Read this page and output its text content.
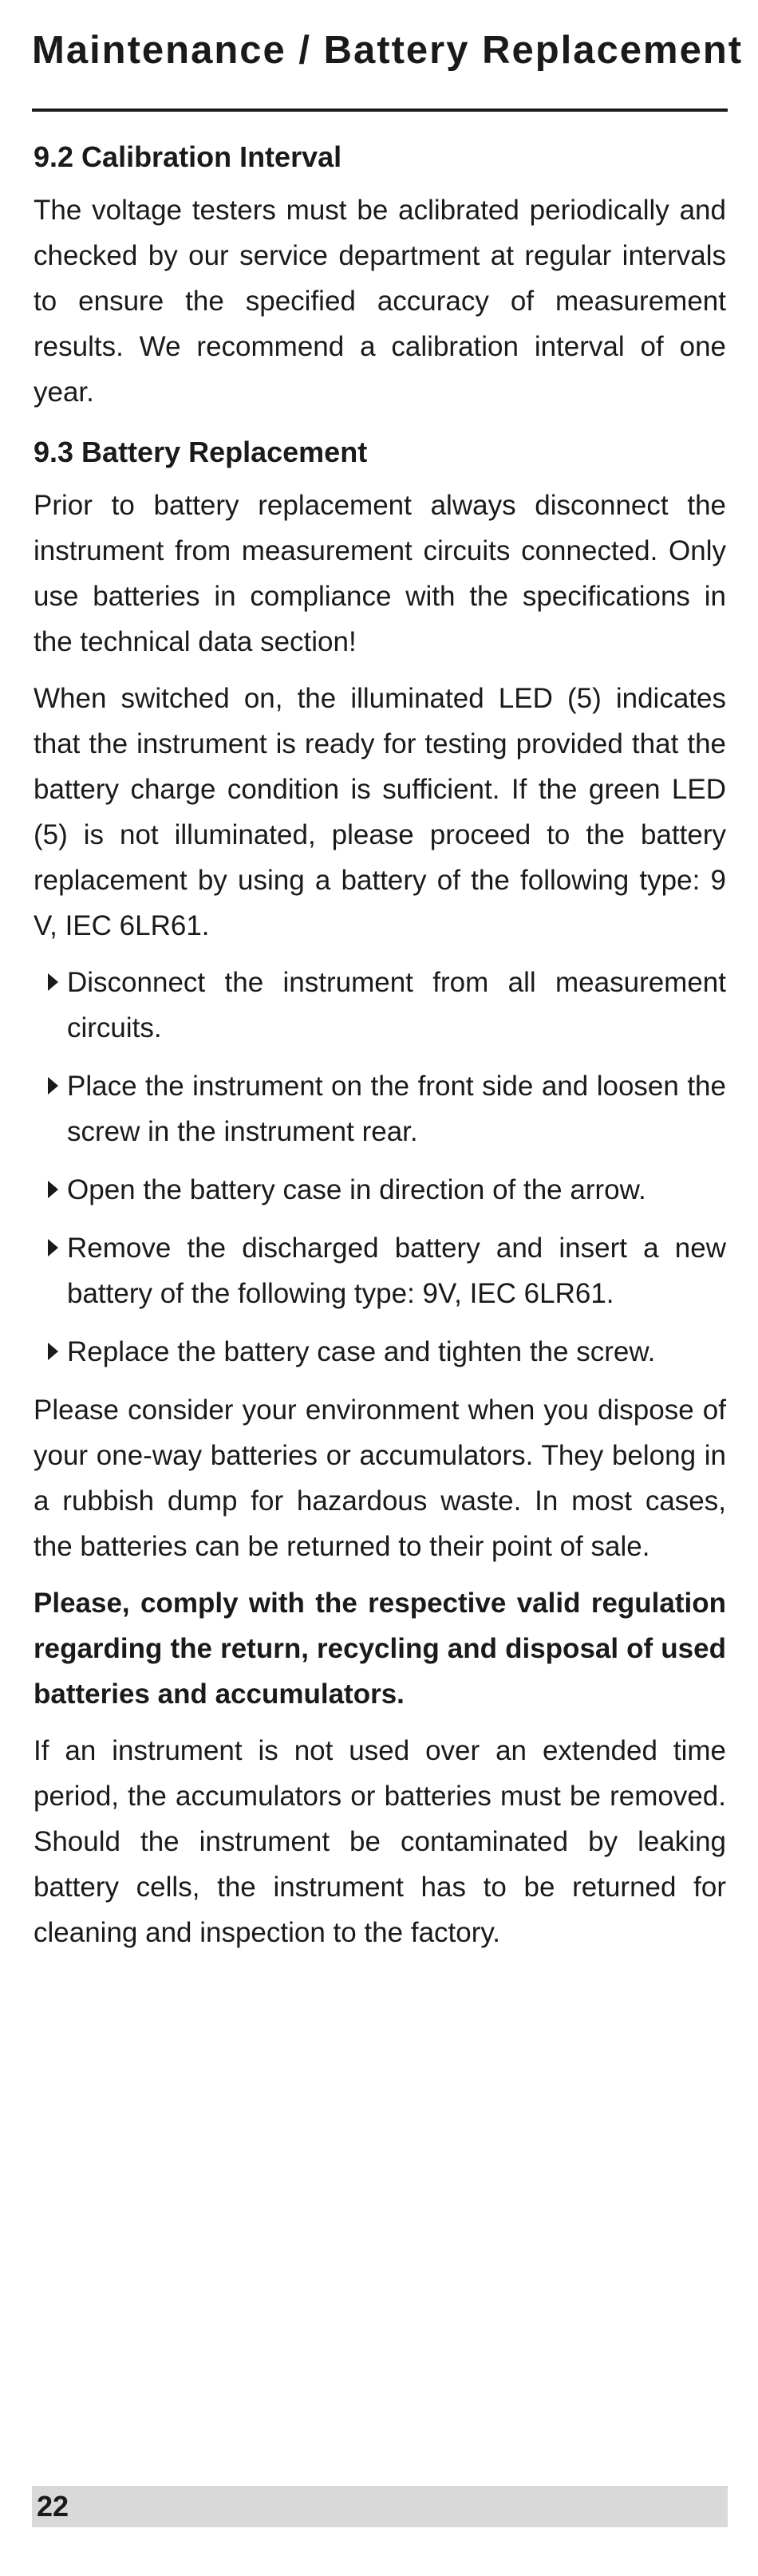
Maintenance / Battery Replacement
9.2 Calibration Interval

The voltage testers must be aclibrated periodically and checked by our service department at regular intervals to ensure the specified accuracy of measurement results. We recommend a calibration interval of one year.

9.3 Battery Replacement

Prior to battery replacement always disconnect the instrument from measurement circuits connected. Only use batteries in compliance with the specifications in the technical data section!

When switched on, the illuminated LED (5) indicates that the instrument is ready for testing provided that the battery charge condition is sufficient. If the green LED (5) is not illuminated, please proceed to the battery replacement by using a battery of the following type: 9 V, IEC 6LR61.

Disconnect the instrument from all measurement circuits.
Place the instrument on the front side and loosen the screw in the instrument rear.
Open the battery case in direction of the arrow.
Remove the discharged battery and insert a new battery of the following type: 9V, IEC 6LR61.
Replace the battery case and tighten the screw.

Please consider your environment when you dispose of your one-way batteries or accumulators. They belong in a rubbish dump for hazardous waste. In most cases, the batteries can be returned to their point of sale.

Please, comply with the respective valid regulation regarding the return, recycling and disposal of used batteries and accumulators.

If an instrument is not used over an extended time period, the accumulators or batteries must be removed. Should the instrument be contaminated by leaking battery cells, the instrument has to be returned for cleaning and inspection to the factory.

22
